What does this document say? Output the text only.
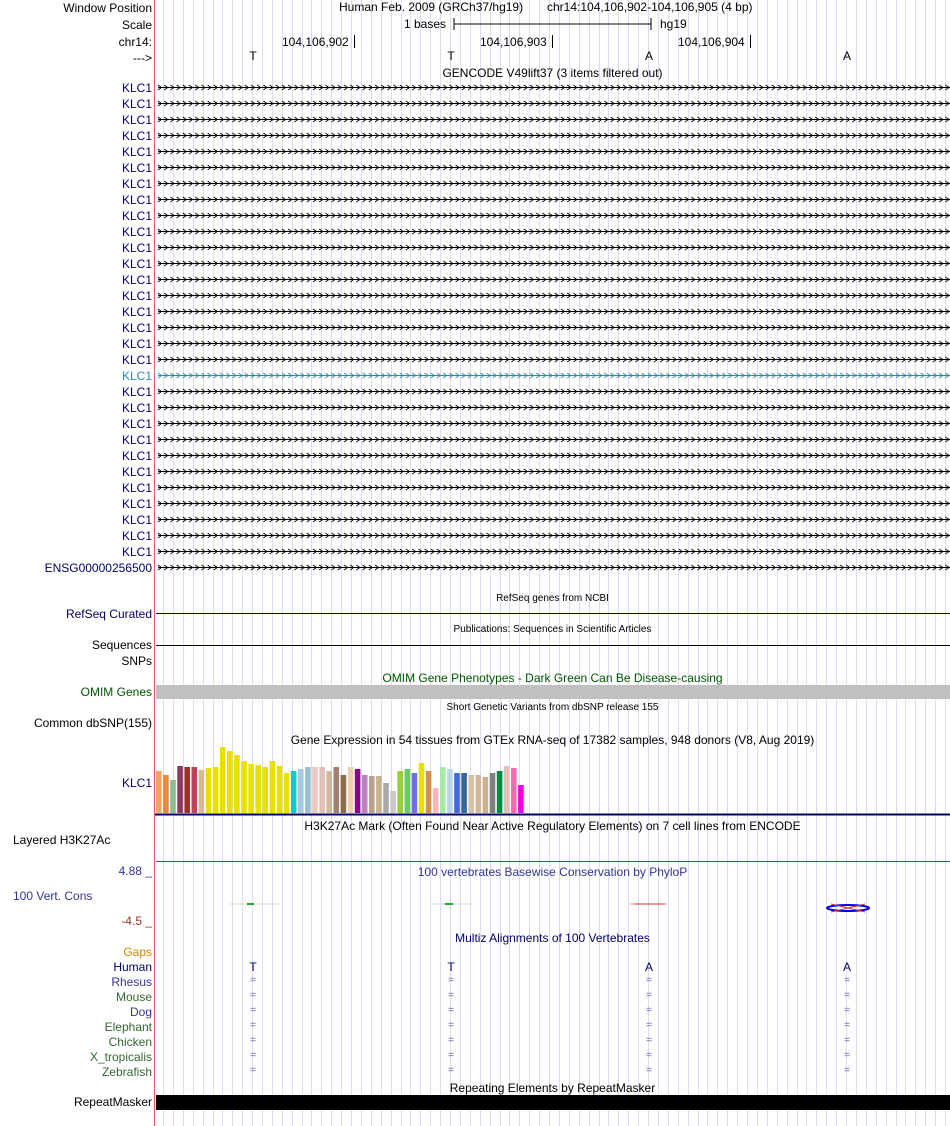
Window Position
Scale
chr14:
--->
Human Feb. 2009 (GRCh37/hg19) chr14:104,106,902-104,106,905 (4 bp)
1 bases	hg19
104,106,902	104,106,903	104,106,904
T	T	A	A
GENCODE V49lift37 (3 items filtered out)
KLC1
KLC1
KLC1
KLC1
KLC1
KLC1
KLC1
KLC1
KLC1
KLC1
KLC1
KLC1
KLC1
KLC1
KLC1
KLC1
KLC1
KLC1
KLC1
KLC1
KLC1
KLC1
KLC1
KLC1
KLC1
KLC1
KLC1
KLC1
KLC1
KLC1
ENSG00000256500
RefSeq genes from NCBI
RefSeq Curated
Publications: Sequences in Scientific Articles
Sequences
SNPs
OMIM Gene Phenotypes - Dark Green Can Be Disease-causing
OMIM Genes
Short Genetic Variants from dbSNP release 155
Common dbSNP(155)
Gene Expression in 54 tissues from GTEx RNA-seq of 17382 samples, 948 donors (V8, Aug 2019)
KLC1
H3K27Ac Mark (Often Found Near Active Regulatory Elements) on 7 cell lines from ENCODE
Layered H3K27Ac
100 vertebrates Basewise Conservation by PhyloP
4.88 _
100 Vert. Cons
-4.5 _
Multiz Alignments of 100 Vertebrates
Gaps
Human	T	T	A	A
Rhesus	=	=	=	=
Mouse	=	=	=	=
Dog	=	=	=	=
Elephant	=	=	=	=
Chicken	=	=	=	=
X_tropicalis	=	=	=	=
Zebrafish	=	=	=	=
Repeating Elements by RepeatMasker
RepeatMasker
